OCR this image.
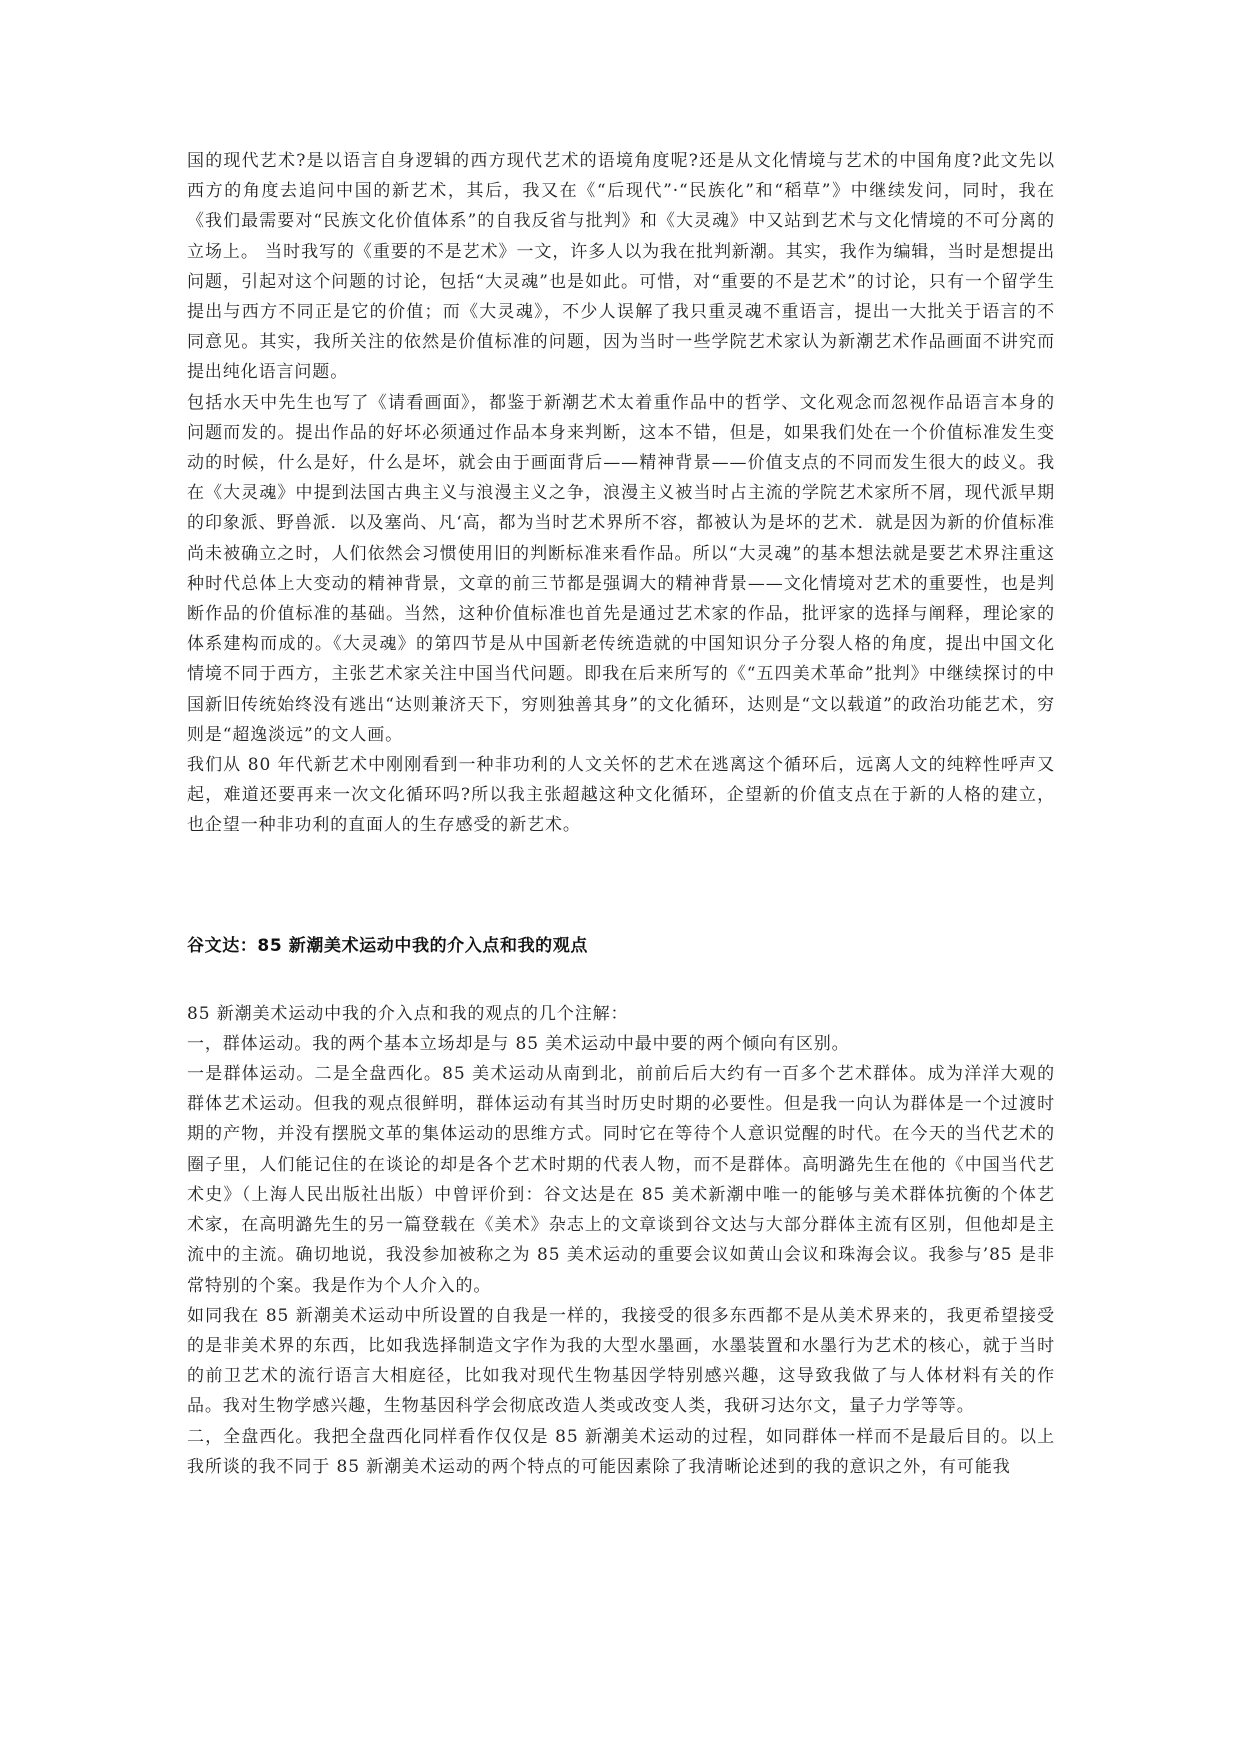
国的现代艺术?是以语言自身逻辑的西方现代艺术的语境角度呢?还是从文化情境与艺术的中国角度?此文先以西方的角度去追问中国的新艺术，其后，我又在《“后现代”·“民族化”和“稻草”》中继续发问，同时，我在《我们最需要对“民族文化价值体系”的自我反省与批判》和《大灵魂》中又站到艺术与文化情境的不可分离的立场上。 当时我写的《重要的不是艺术》一文，许多人以为我在批判新潮。其实，我作为编辑，当时是想提出问题，引起对这个问题的讨论，包括“大灵魂”也是如此。可惜，对“重要的不是艺术”的讨论，只有一个留学生提出与西方不同正是它的价值；而《大灵魂》，不少人误解了我只重灵魂不重语言，提出一大批关于语言的不同意见。其实，我所关注的依然是价值标准的问题，因为当时一些学院艺术家认为新潮艺术作品画面不讲究而提出纯化语言问题。

包括水天中先生也写了《请看画面》，都鉴于新潮艺术太着重作品中的哲学、文化观念而忽视作品语言本身的问题而发的。提出作品的好坏必须通过作品本身来判断，这本不错，但是，如果我们处在一个价值标准发生变动的时候，什么是好，什么是坏，就会由于画面背后——精神背景——价值支点的不同而发生很大的歧义。我在《大灵魂》中提到法国古典主义与浪漫主义之争，浪漫主义被当时占主流的学院艺术家所不屑，现代派早期的印象派、野兽派．以及塞尚、凡‘高，都为当时艺术界所不容，都被认为是坏的艺术．就是因为新的价值标准尚未被确立之时，人们依然会习惯使用旧的判断标准来看作品。所以“大灵魂”的基本想法就是要艺术界注重这种时代总体上大变动的精神背景，文章的前三节都是强调大的精神背景——文化情境对艺术的重要性，也是判断作品的价值标准的基础。当然，这种价值标准也首先是通过艺术家的作品，批评家的选择与阐释，理论家的体系建构而成的。《大灵魂》的第四节是从中国新老传统造就的中国知识分子分裂人格的角度，提出中国文化情境不同于西方，主张艺术家关注中国当代问题。即我在后来所写的《“五四美术革命”批判》中继续探讨的中国新旧传统始终没有逃出“达则兼济天下，穷则独善其身”的文化循环，达则是“文以载道”的政治功能艺术，穷则是“超逸淡远”的文人画。

我们从 80 年代新艺术中刚刚看到一种非功利的人文关怀的艺术在逃离这个循环后，远离人文的纯粹性呼声又起，难道还要再来一次文化循环吗?所以我主张超越这种文化循环，企望新的价值支点在于新的人格的建立，也企望一种非功利的直面人的生存感受的新艺术。

谷文达：85 新潮美术运动中我的介入点和我的观点

85 新潮美术运动中我的介入点和我的观点的几个注解：

一，群体运动。我的两个基本立场却是与 85 美术运动中最中要的两个倾向有区别。

一是群体运动。二是全盘西化。85 美术运动从南到北，前前后后大约有一百多个艺术群体。成为洋洋大观的群体艺术运动。但我的观点很鲜明，群体运动有其当时历史时期的必要性。但是我一向认为群体是一个过渡时期的产物，并没有摆脱文革的集体运动的思维方式。同时它在等待个人意识觉醒的时代。在今天的当代艺术的圈子里，人们能记住的在谈论的却是各个艺术时期的代表人物，而不是群体。高明潞先生在他的《中国当代艺术史》（上海人民出版社出版）中曾评价到：谷文达是在 85 美术新潮中唯一的能够与美术群体抗衡的个体艺术家，在高明潞先生的另一篇登载在《美术》杂志上的文章谈到谷文达与大部分群体主流有区别，但他却是主流中的主流。确切地说，我没参加被称之为 85 美术运动的重要会议如黄山会议和珠海会议。我参与’85 是非常特别的个案。我是作为个人介入的。

如同我在 85 新潮美术运动中所设置的自我是一样的，我接受的很多东西都不是从美术界来的，我更希望接受的是非美术界的东西，比如我选择制造文字作为我的大型水墨画，水墨装置和水墨行为艺术的核心，就于当时的前卫艺术的流行语言大相庭径，比如我对现代生物基因学特别感兴趣，这导致我做了与人体材料有关的作品。我对生物学感兴趣，生物基因科学会彻底改造人类或改变人类，我研习达尔文，量子力学等等。

二，全盘西化。我把全盘西化同样看作仅仅是 85 新潮美术运动的过程，如同群体一样而不是最后目的。以上我所谈的我不同于 85 新潮美术运动的两个特点的可能因素除了我清晰论述到的我的意识之外，有可能我
